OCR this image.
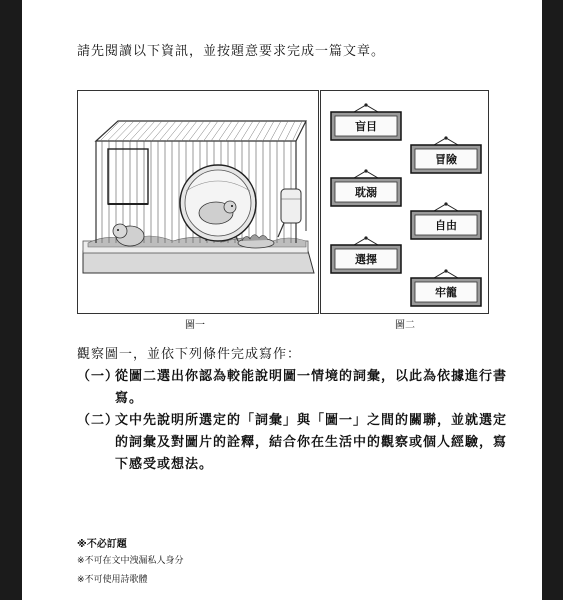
請先閱讀以下資訊，並按題意要求完成一篇文章。
盲目
冒險
耽溺
自由
選擇
牢籠
圖一	圖二
觀察圖一，並依下列條件完成寫作：
（一）
從圖二選出你認為較能說明圖一情境的詞彙，以此為依據進行書寫。
（二）
文中先說明所選定的「詞彙」與「圖一」之間的關聯，並就選定的詞彙及對圖片的詮釋，結合你在生活中的觀察或個人經驗，寫下感受或想法。
※不必訂題
※不可在文中洩漏私人身分
※不可使用詩歌體
